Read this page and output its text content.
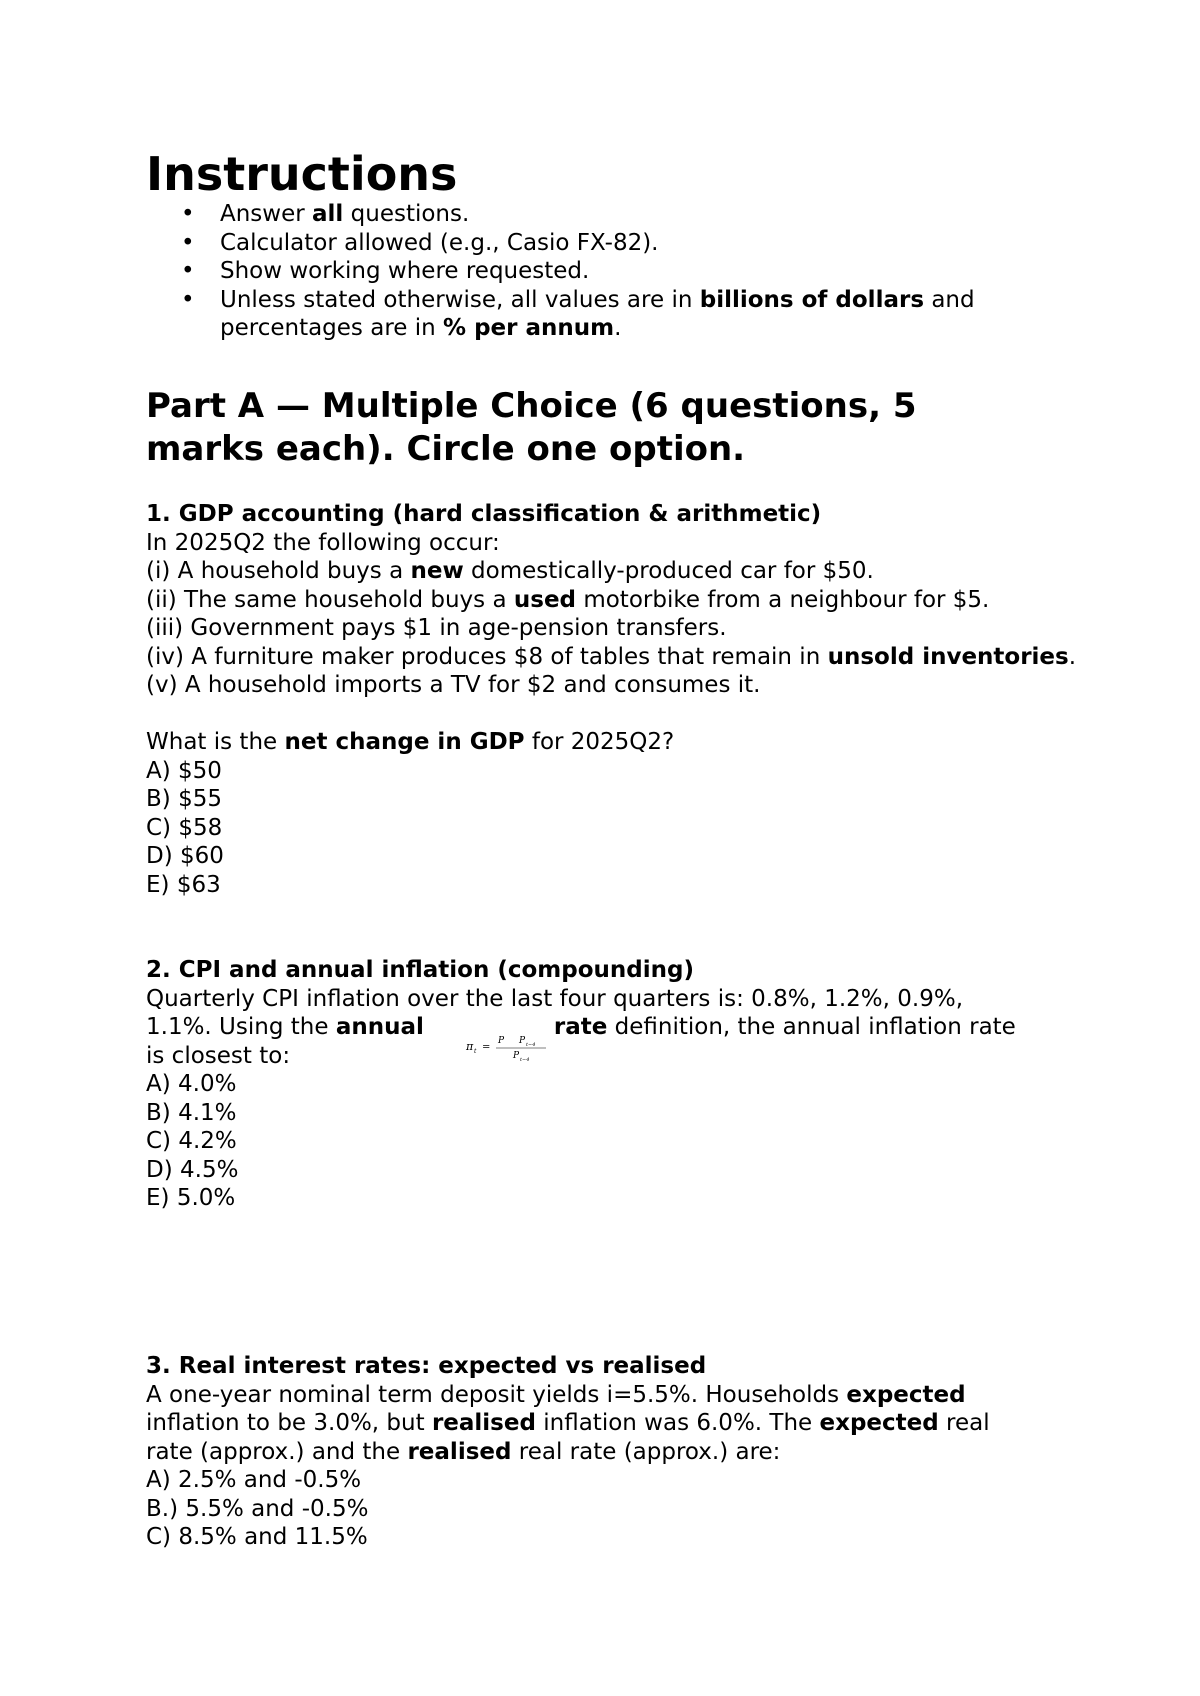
Instructions
• Answer all questions.
• Calculator allowed (e.g., Casio FX-82).
• Show working where requested.
• Unless stated otherwise, all values are in billions of dollars and percentages are in % per annum.
Part A — Multiple Choice (6 questions, 5 marks each). Circle one option.

1. GDP accounting (hard classification & arithmetic)

In 2025Q2 the following occur:

(i) A household buys a new domestically-produced car for $50.

(ii) The same household buys a used motorbike from a neighbour for $5.

(iii) Government pays $1 in age-pension transfers.

(iv) A furniture maker produces $8 of tables that remain in unsold inventories.

(v) A household imports a TV for $2 and consumes it.

What is the net change in GDP for 2025Q2?

A) $50

B) $55

C) $58

D) $60

E) $63

2. CPI and annual inflation (compounding)

Quarterly CPI inflation over the last four quarters is: 0.8%, 1.2%, 0.9%,

1.1%. Using the annual	rate definition, the annual inflation rate

is closest to:

A) 4.0%

B) 4.1%

C) 4.2%

D) 4.5%

E) 5.0%

π t =
P P t−4
P t−4

3. Real interest rates: expected vs realised

A one-year nominal term deposit yields i=5.5%. Households expected

inflation to be 3.0%, but realised inflation was 6.0%. The expected real

rate (approx.) and the realised real rate (approx.) are:

A) 2.5% and -0.5%

B.) 5.5% and -0.5%

C) 8.5% and 11.5%
